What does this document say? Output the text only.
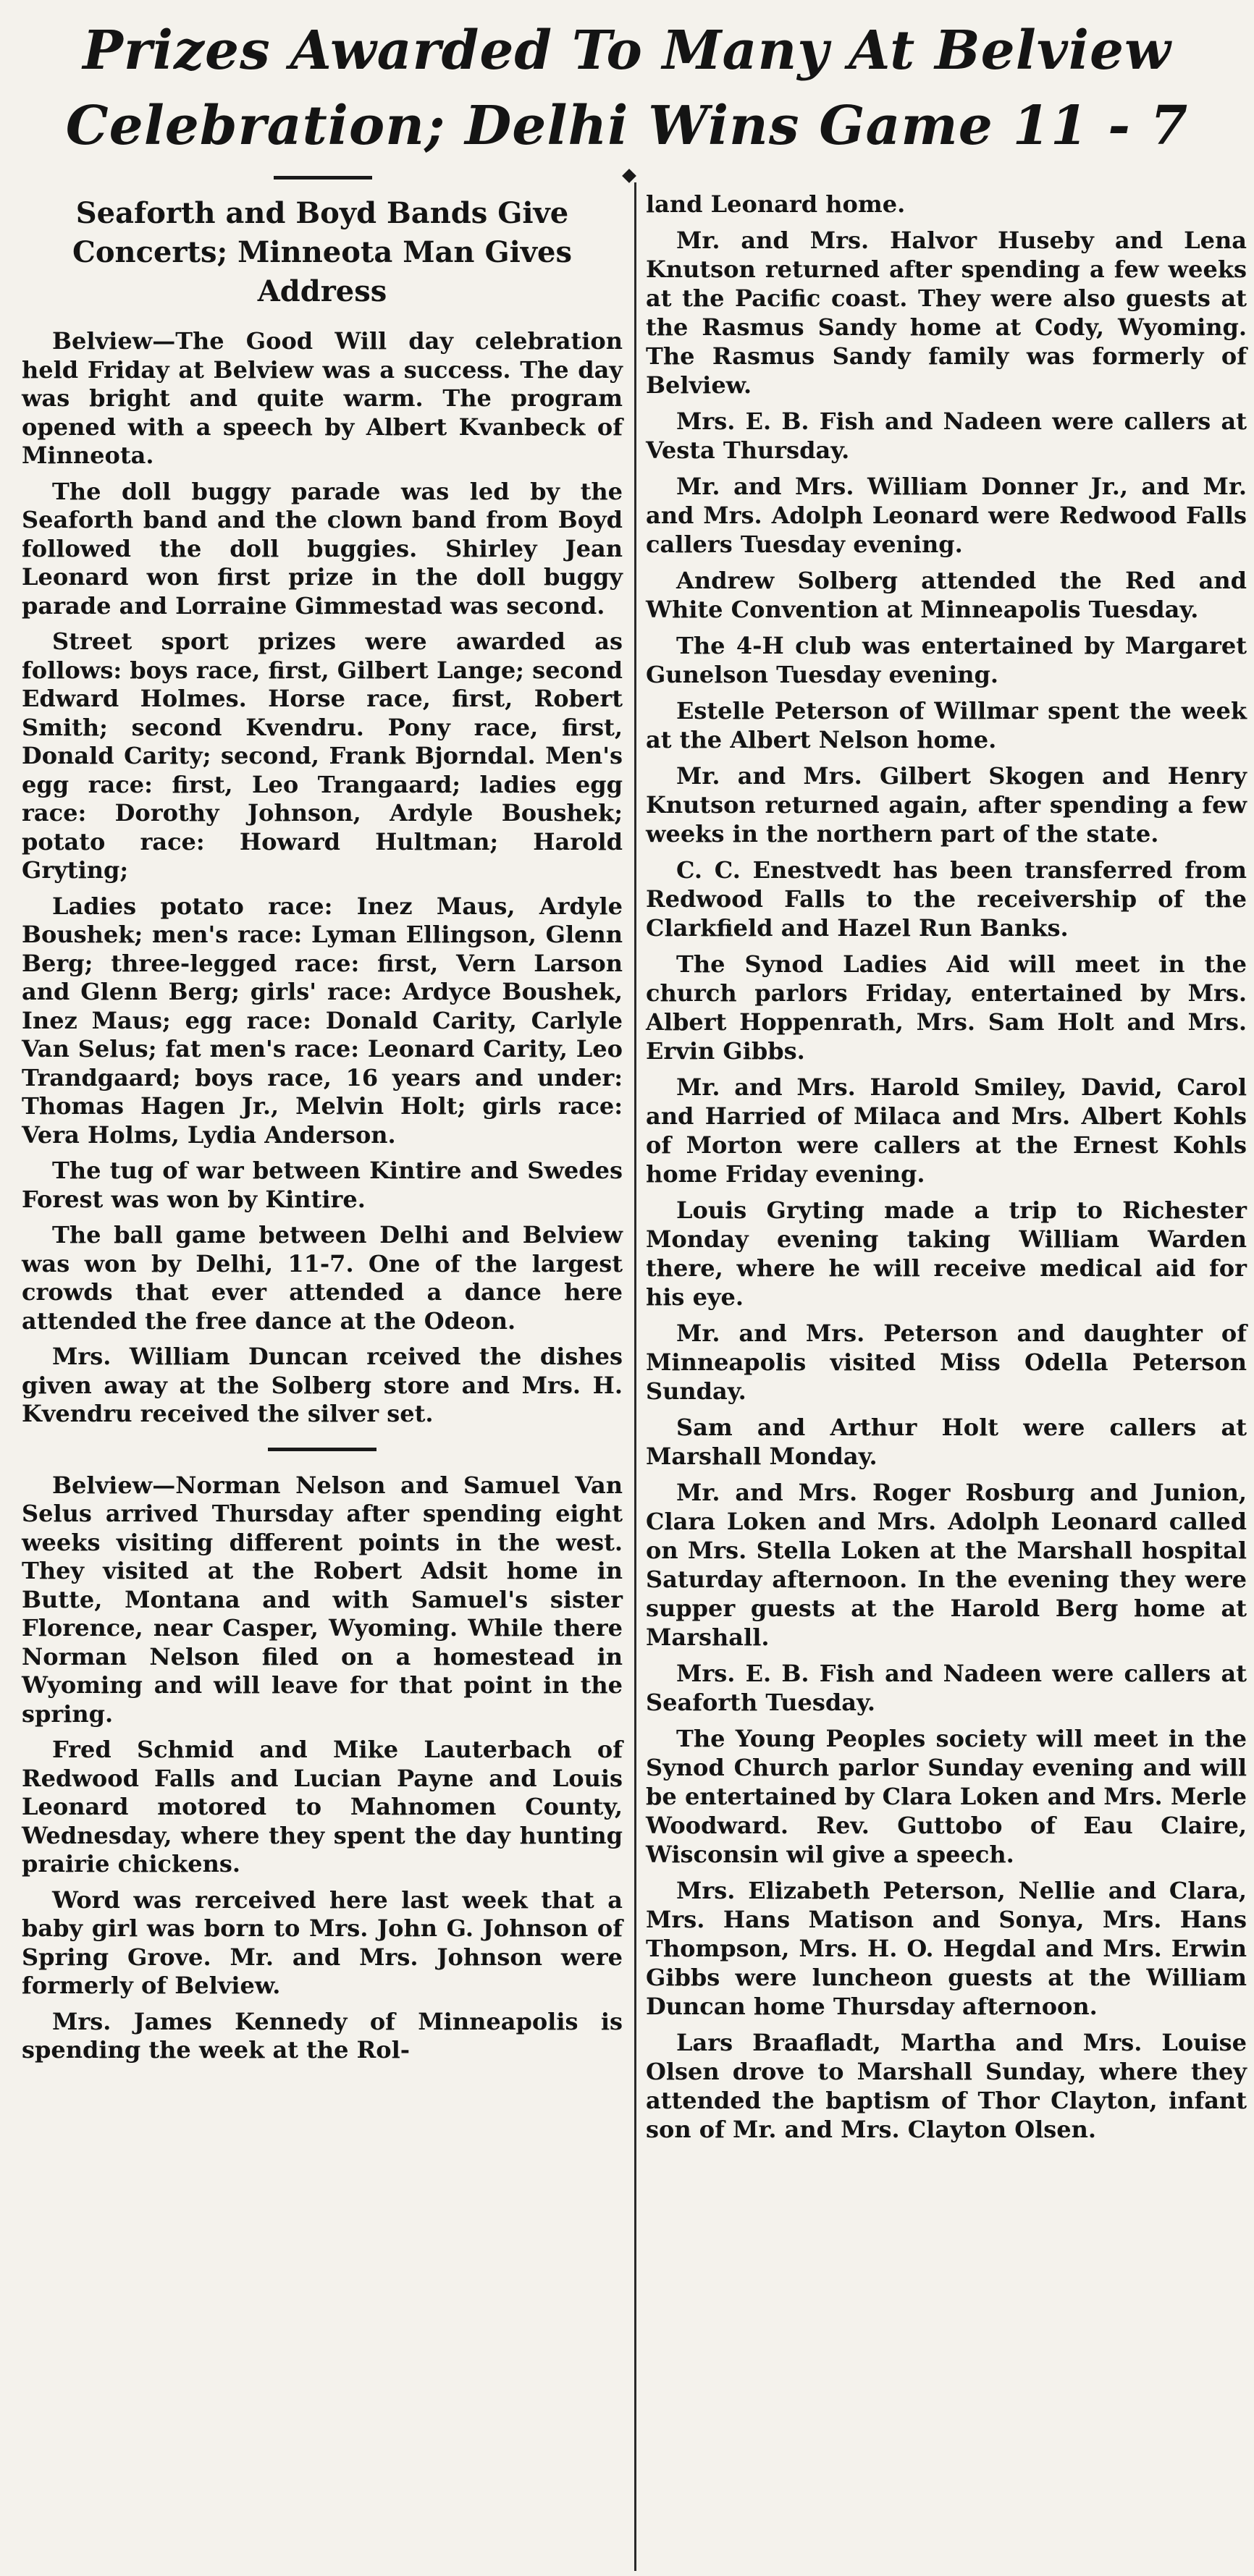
Prizes Awarded To Many At Belview Celebration; Delhi Wins Game 11 - 7
Seaforth and Boyd Bands Give Concerts; Minneota Man Gives Address

Belview—The Good Will day celebration held Friday at Belview was a success. The day was bright and quite warm. The program opened with a speech by Albert Kvanbeck of Minneota.

The doll buggy parade was led by the Seaforth band and the clown band from Boyd followed the doll buggies. Shirley Jean Leonard won first prize in the doll buggy parade and Lorraine Gimmestad was second.

Street sport prizes were awarded as follows: boys race, first, Gilbert Lange; second Edward Holmes. Horse race, first, Robert Smith; second Kvendru. Pony race, first, Donald Carity; second, Frank Bjorndal. Men's egg race: first, Leo Trangaard; ladies egg race: Dorothy Johnson, Ardyle Boushek; potato race: Howard Hultman; Harold Gryting;

Ladies potato race: Inez Maus, Ardyle Boushek; men's race: Lyman Ellingson, Glenn Berg; three-legged race: first, Vern Larson and Glenn Berg; girls' race: Ardyce Boushek, Inez Maus; egg race: Donald Carity, Carlyle Van Selus; fat men's race: Leonard Carity, Leo Trandgaard; boys race, 16 years and under: Thomas Hagen Jr., Melvin Holt; girls race: Vera Holms, Lydia Anderson.

The tug of war between Kintire and Swedes Forest was won by Kintire.

The ball game between Delhi and Belview was won by Delhi, 11-7. One of the largest crowds that ever attended a dance here attended the free dance at the Odeon.

Mrs. William Duncan rceived the dishes given away at the Solberg store and Mrs. H. Kvendru received the silver set.

Belview—Norman Nelson and Samuel Van Selus arrived Thursday after spending eight weeks visiting different points in the west. They visited at the Robert Adsit home in Butte, Montana and with Samuel's sister Florence, near Casper, Wyoming. While there Norman Nelson filed on a homestead in Wyoming and will leave for that point in the spring.

Fred Schmid and Mike Lauterbach of Redwood Falls and Lucian Payne and Louis Leonard motored to Mahnomen County, Wednesday, where they spent the day hunting prairie chickens.

Word was rerceived here last week that a baby girl was born to Mrs. John G. Johnson of Spring Grove. Mr. and Mrs. Johnson were formerly of Belview.

Mrs. James Kennedy of Minneapolis is spending the week at the Rol-

land Leonard home.

Mr. and Mrs. Halvor Huseby and Lena Knutson returned after spending a few weeks at the Pacific coast. They were also guests at the Rasmus Sandy home at Cody, Wyoming. The Rasmus Sandy family was formerly of Belview.

Mrs. E. B. Fish and Nadeen were callers at Vesta Thursday.

Mr. and Mrs. William Donner Jr., and Mr. and Mrs. Adolph Leonard were Redwood Falls callers Tuesday evening.

Andrew Solberg attended the Red and White Convention at Minneapolis Tuesday.

The 4-H club was entertained by Margaret Gunelson Tuesday evening.

Estelle Peterson of Willmar spent the week at the Albert Nelson home.

Mr. and Mrs. Gilbert Skogen and Henry Knutson returned again, after spending a few weeks in the northern part of the state.

C. C. Enestvedt has been transferred from Redwood Falls to the receivership of the Clarkfield and Hazel Run Banks.

The Synod Ladies Aid will meet in the church parlors Friday, entertained by Mrs. Albert Hoppenrath, Mrs. Sam Holt and Mrs. Ervin Gibbs.

Mr. and Mrs. Harold Smiley, David, Carol and Harried of Milaca and Mrs. Albert Kohls of Morton were callers at the Ernest Kohls home Friday evening.

Louis Gryting made a trip to Richester Monday evening taking William Warden there, where he will receive medical aid for his eye.

Mr. and Mrs. Peterson and daughter of Minneapolis visited Miss Odella Peterson Sunday.

Sam and Arthur Holt were callers at Marshall Monday.

Mr. and Mrs. Roger Rosburg and Junion, Clara Loken and Mrs. Adolph Leonard called on Mrs. Stella Loken at the Marshall hospital Saturday afternoon. In the evening they were supper guests at the Harold Berg home at Marshall.

Mrs. E. B. Fish and Nadeen were callers at Seaforth Tuesday.

The Young Peoples society will meet in the Synod Church parlor Sunday evening and will be entertained by Clara Loken and Mrs. Merle Woodward. Rev. Guttobo of Eau Claire, Wisconsin wil give a speech.

Mrs. Elizabeth Peterson, Nellie and Clara, Mrs. Hans Matison and Sonya, Mrs. Hans Thompson, Mrs. H. O. Hegdal and Mrs. Erwin Gibbs were luncheon guests at the William Duncan home Thursday afternoon.

Lars Braafladt, Martha and Mrs. Louise Olsen drove to Marshall Sunday, where they attended the baptism of Thor Clayton, infant son of Mr. and Mrs. Clayton Olsen.
